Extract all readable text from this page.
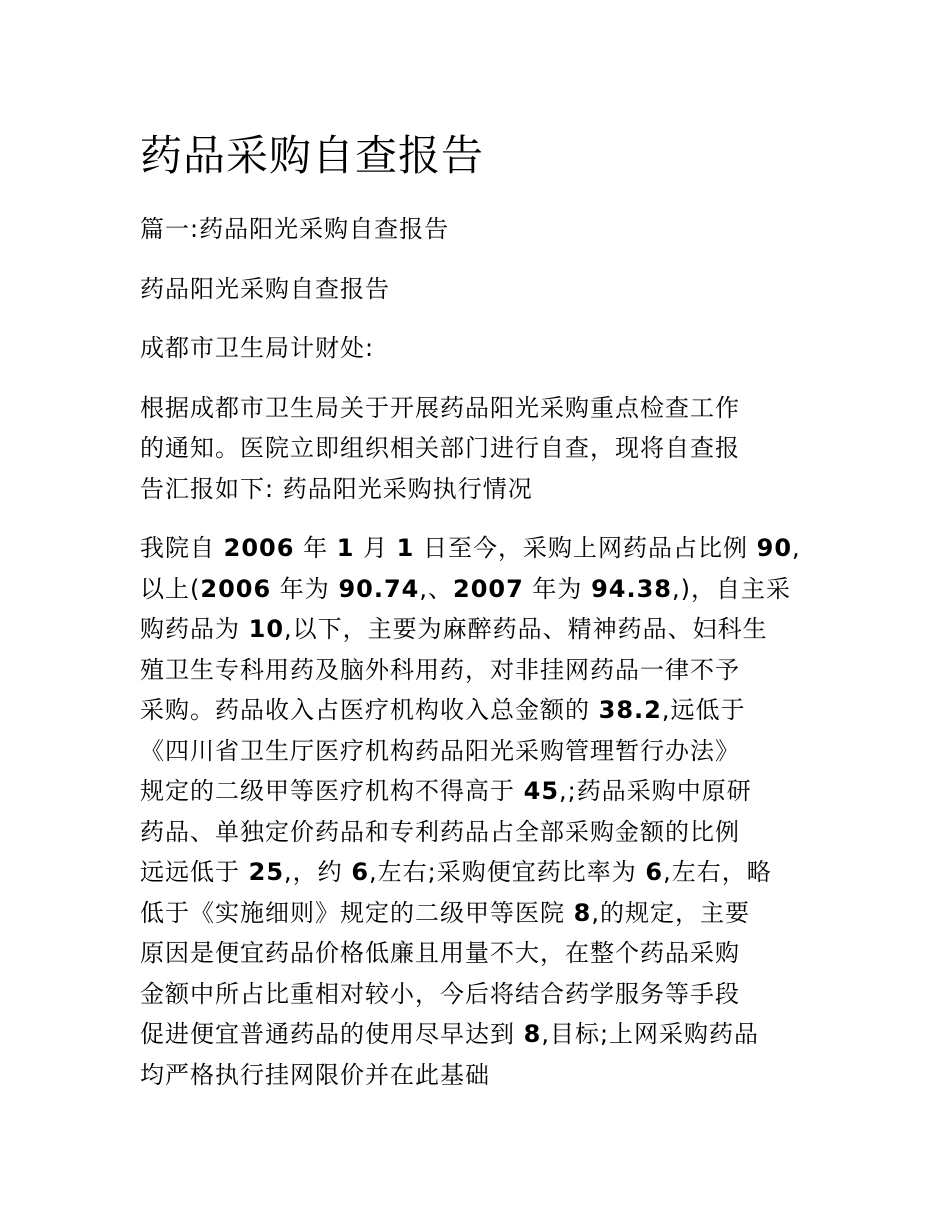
药品采购自查报告

篇一:药品阳光采购自查报告

药品阳光采购自查报告

成都市卫生局计财处:

根据成都市卫生局关于开展药品阳光采购重点检查工作
的通知。医院立即组织相关部门进行自查，现将自查报
告汇报如下: 药品阳光采购执行情况

我院自 2006 年 1 月 1 日至今，采购上网药品占比例 90,
以上(2006 年为 90.74,、2007 年为 94.38,)，自主采
购药品为 10,以下，主要为麻醉药品、精神药品、妇科生
殖卫生专科用药及脑外科用药，对非挂网药品一律不予
采购。药品收入占医疗机构收入总金额的 38.2,远低于
《四川省卫生厅医疗机构药品阳光采购管理暂行办法》
规定的二级甲等医疗机构不得高于 45,;药品采购中原研
药品、单独定价药品和专利药品占全部采购金额的比例
远远低于 25,，约 6,左右;采购便宜药比率为 6,左右，略
低于《实施细则》规定的二级甲等医院 8,的规定，主要
原因是便宜药品价格低廉且用量不大，在整个药品采购
金额中所占比重相对较小，今后将结合药学服务等手段
促进便宜普通药品的使用尽早达到 8,目标;上网采购药品
均严格执行挂网限价并在此基础
